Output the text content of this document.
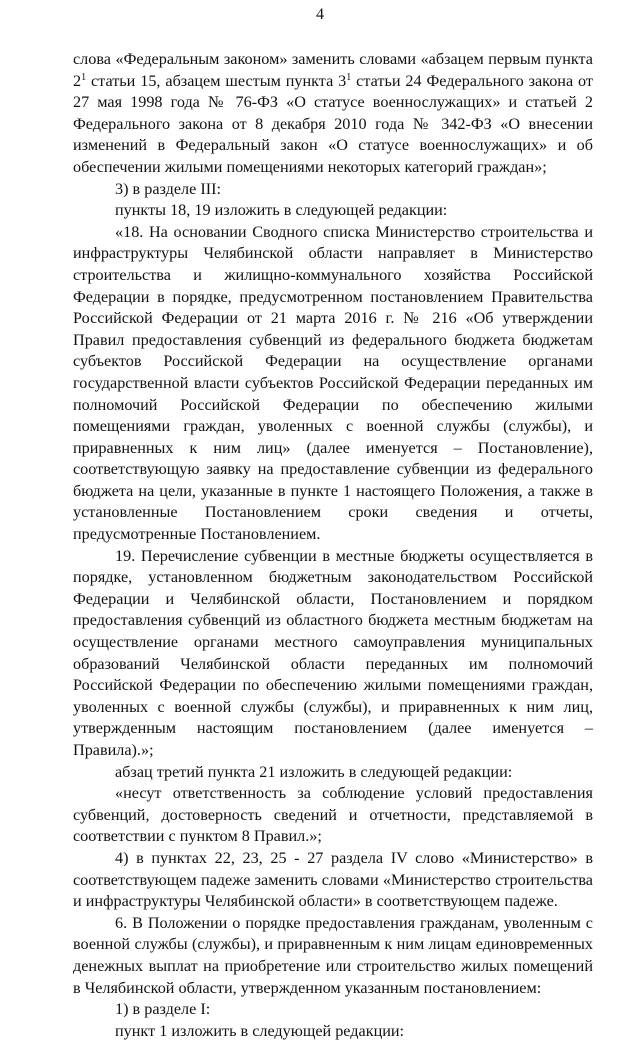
4

слова «Федеральным законом» заменить словами «абзацем первым пункта $2^1$ статьи 15, абзацем шестым пункта $3^1$ статьи 24 Федерального закона от 27 мая 1998 года № 76-ФЗ «О статусе военнослужащих» и статьей 2 Федерального закона от 8 декабря 2010 года № 342-ФЗ «О внесении изменений в Федеральный закон «О статусе военнослужащих» и об обеспечении жилыми помещениями некоторых категорий граждан»;

3) в разделе III:

пункты 18, 19 изложить в следующей редакции:

«18. На основании Сводного списка Министерство строительства и инфраструктуры Челябинской области направляет в Министерство строительства и жилищно-коммунального хозяйства Российской Федерации в порядке, предусмотренном постановлением Правительства Российской Федерации от 21 марта 2016 г. № 216 «Об утверждении Правил предоставления субвенций из федерального бюджета бюджетам субъектов Российской Федерации на осуществление органами государственной власти субъектов Российской Федерации переданных им полномочий Российской Федерации по обеспечению жилыми помещениями граждан, уволенных с военной службы (службы), и приравненных к ним лиц» (далее именуется – Постановление), соответствующую заявку на предоставление субвенции из федерального бюджета на цели, указанные в пункте 1 настоящего Положения, а также в установленные Постановлением сроки сведения и отчеты, предусмотренные Постановлением.

19. Перечисление субвенции в местные бюджеты осуществляется в порядке, установленном бюджетным законодательством Российской Федерации и Челябинской области, Постановлением и порядком предоставления субвенций из областного бюджета местным бюджетам на осуществление органами местного самоуправления муниципальных образований Челябинской области переданных им полномочий Российской Федерации по обеспечению жилыми помещениями граждан, уволенных с военной службы (службы), и приравненных к ним лиц, утвержденным настоящим постановлением (далее именуется – Правила).»;

абзац третий пункта 21 изложить в следующей редакции:

«несут ответственность за соблюдение условий предоставления субвенций, достоверность сведений и отчетности, представляемой в соответствии с пунктом 8 Правил.»;

4) в пунктах 22, 23, 25 - 27 раздела IV слово «Министерство» в соответствующем падеже заменить словами «Министерство строительства и инфраструктуры Челябинской области» в соответствующем падеже.

6. В Положении о порядке предоставления гражданам, уволенным с военной службы (службы), и приравненным к ним лицам единовременных денежных выплат на приобретение или строительство жилых помещений в Челябинской области, утвержденном указанным постановлением:

1) в разделе I:

пункт 1 изложить в следующей редакции:
